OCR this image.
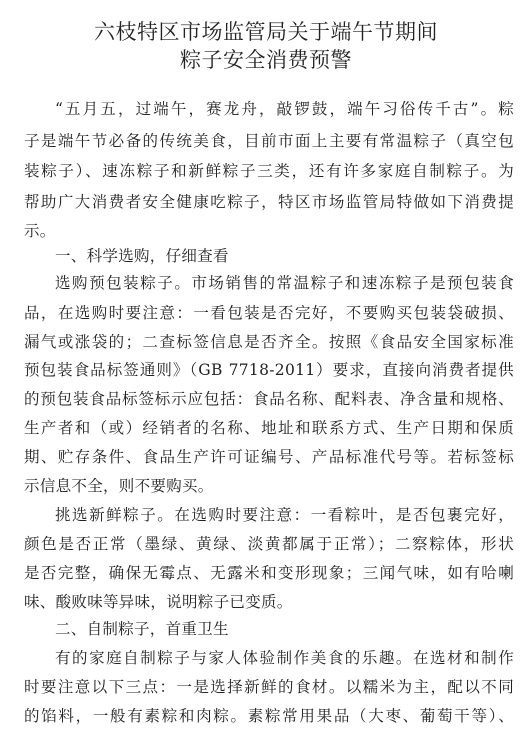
六枝特区市场监管局关于端午节期间
粽子安全消费预警
“五月五，过端午，赛龙舟，敲锣鼓，端午习俗传千古”。粽
子是端午节必备的传统美食，目前市面上主要有常温粽子（真空包
装粽子）、速冻粽子和新鲜粽子三类，还有许多家庭自制粽子。为
帮助广大消费者安全健康吃粽子，特区市场监管局特做如下消费提
示。
一、科学选购，仔细查看
选购预包装粽子。市场销售的常温粽子和速冻粽子是预包装食
品，在选购时要注意：一看包装是否完好，不要购买包装袋破损、
漏气或涨袋的；二查标签信息是否齐全。按照《食品安全国家标准
预包装食品标签通则》（GB 7718-2011）要求，直接向消费者提供
的预包装食品标签标示应包括：食品名称、配料表、净含量和规格、
生产者和（或）经销者的名称、地址和联系方式、生产日期和保质
期、贮存条件、食品生产许可证编号、产品标准代号等。若标签标
示信息不全，则不要购买。
挑选新鲜粽子。在选购时要注意：一看粽叶，是否包裹完好，
颜色是否正常（墨绿、黄绿、淡黄都属于正常）；二察粽体，形状
是否完整，确保无霉点、无露米和变形现象；三闻气味，如有哈喇
味、酸败味等异味，说明粽子已变质。
二、自制粽子，首重卫生
有的家庭自制粽子与家人体验制作美食的乐趣。在选材和制作
时要注意以下三点：一是选择新鲜的食材。以糯米为主，配以不同
的馅料，一般有素粽和肉粽。素粽常用果品（大枣、葡萄干等）、
